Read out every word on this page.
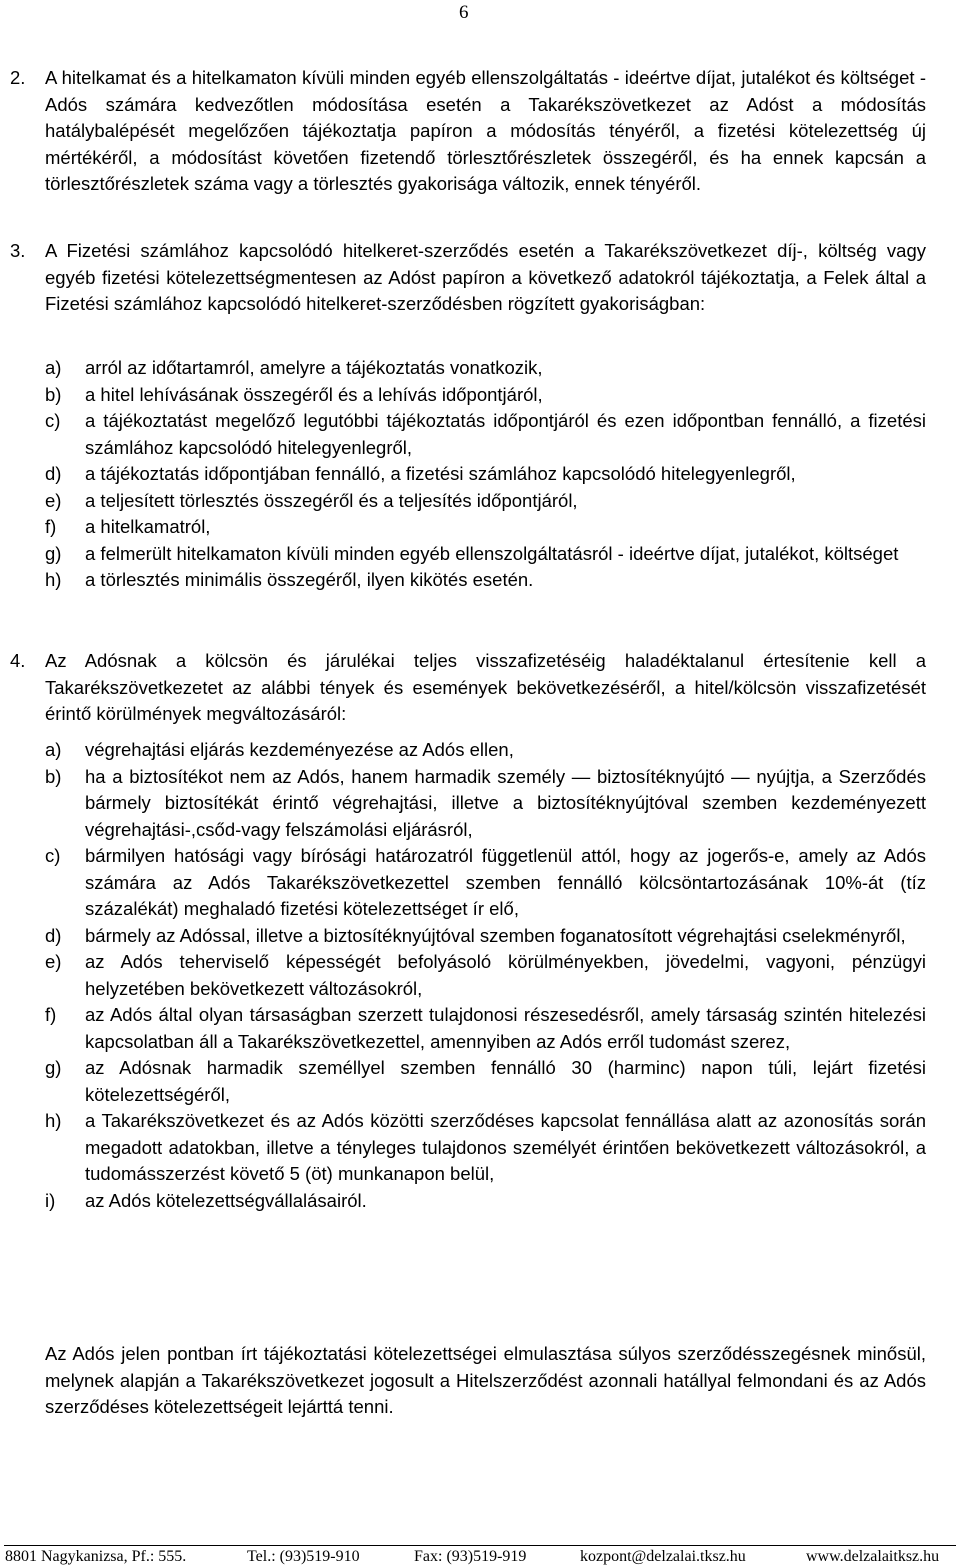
6
2.	A hitelkamat és a hitelkamaton kívüli minden egyéb ellenszolgáltatás - ideértve díjat, jutalékot és költséget - Adós számára kedvezőtlen módosítása esetén a Takarékszövetkezet az Adóst a módosítás hatálybalépését megelőzően tájékoztatja papíron a módosítás tényéről, a fizetési kötelezettség új mértékéről, a módosítást követően fizetendő törlesztőrészletek összegéről, és ha ennek kapcsán a törlesztőrészletek száma vagy a törlesztés gyakorisága változik, ennek tényéről.
3.	A Fizetési számlához kapcsolódó hitelkeret-szerződés esetén a Takarékszövetkezet díj-, költség vagy egyéb fizetési kötelezettségmentesen az Adóst papíron a következő adatokról tájékoztatja, a Felek által a Fizetési számlához kapcsolódó hitelkeret-szerződésben rögzített gyakoriságban:
a)	arról az időtartamról, amelyre a tájékoztatás vonatkozik,
b)	a hitel lehívásának összegéről és a lehívás időpontjáról,
c)	a tájékoztatást megelőző legutóbbi tájékoztatás időpontjáról és ezen időpontban fennálló, a fizetési számlához kapcsolódó hitelegyenlegről,
d)	a tájékoztatás időpontjában fennálló, a fizetési számlához kapcsolódó hitelegyenlegről,
e)	a teljesített törlesztés összegéről és a teljesítés időpontjáról,
f)	a hitelkamatról,
g)	a felmerült hitelkamaton kívüli minden egyéb ellenszolgáltatásról - ideértve díjat, jutalékot, költséget
h)	a törlesztés minimális összegéről, ilyen kikötés esetén.
4.	Az Adósnak a kölcsön és járulékai teljes visszafizetéséig haladéktalanul értesítenie kell a Takarékszövetkezetet az alábbi tények és események bekövetkezéséről, a hitel/kölcsön visszafizetését érintő körülmények megváltozásáról:
a)	végrehajtási eljárás kezdeményezése az Adós ellen,
b)	ha a biztosítékot nem az Adós, hanem harmadik személy — biztosítéknyújtó — nyújtja, a Szerződés bármely biztosítékát érintő végrehajtási, illetve a biztosítéknyújtóval szemben kezdeményezett végrehajtási-,csőd-vagy felszámolási eljárásról,
c)	bármilyen hatósági vagy bírósági határozatról függetlenül attól, hogy az jogerős-e, amely az Adós számára az Adós Takarékszövetkezettel szemben fennálló kölcsöntartozásának 10%-át (tíz százalékát) meghaladó fizetési kötelezettséget ír elő,
d)	bármely az Adóssal, illetve a biztosítéknyújtóval szemben foganatosított végrehajtási cselekményről,
e)	az Adós teherviselő képességét befolyásoló körülményekben, jövedelmi, vagyoni, pénzügyi helyzetében bekövetkezett változásokról,
f)	az Adós által olyan társaságban szerzett tulajdonosi részesedésről, amely társaság szintén hitelezési kapcsolatban áll a Takarékszövetkezettel, amennyiben az Adós erről tudomást szerez,
g)	az Adósnak harmadik személlyel szemben fennálló 30 (harminc) napon túli, lejárt fizetési kötelezettségéről,
h)	a Takarékszövetkezet és az Adós közötti szerződéses kapcsolat fennállása alatt az azonosítás során megadott adatokban, illetve a tényleges tulajdonos személyét érintően bekövetkezett változásokról, a tudomásszerzést követő 5 (öt) munkanapon belül,
i)	az Adós kötelezettségvállalásairól.
Az Adós jelen pontban írt tájékoztatási kötelezettségei elmulasztása súlyos szerződésszegésnek minősül, melynek alapján a Takarékszövetkezet jogosult a Hitelszerződést azonnali hatállyal felmondani és az Adós szerződéses kötelezettségeit lejárttá tenni.
8801 Nagykanizsa, Pf.: 555.	Tel.: (93)519-910	Fax: (93)519-919	kozpont@delzalai.tksz.hu	www.delzalaitksz.hu
